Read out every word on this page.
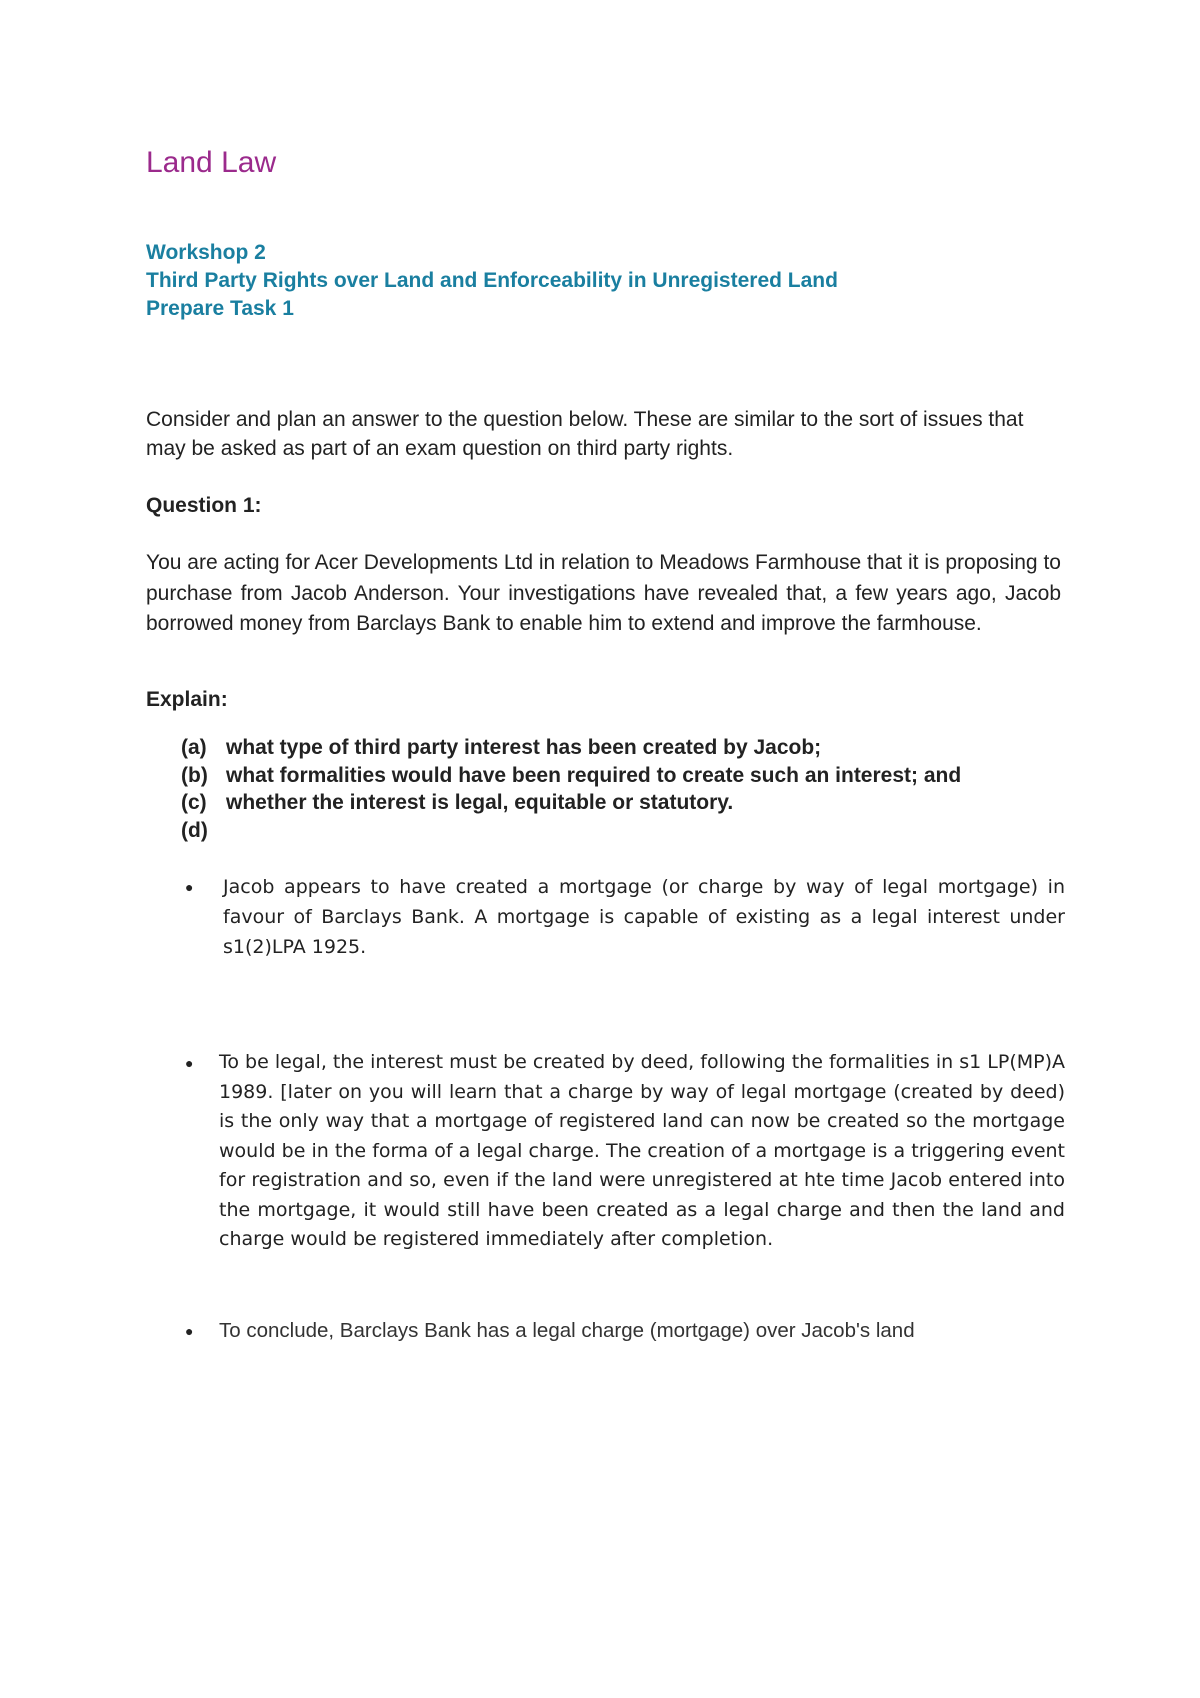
Land Law
Workshop 2
Third Party Rights over Land and Enforceability in Unregistered Land
Prepare Task 1

Consider and plan an answer to the question below. These are similar to the sort of issues that may be asked as part of an exam question on third party rights.

Question 1:

You are acting for Acer Developments Ltd in relation to Meadows Farmhouse that it is proposing to purchase from Jacob Anderson. Your investigations have revealed that, a few years ago, Jacob borrowed money from Barclays Bank to enable him to extend and improve the farmhouse.

Explain:

(a) what type of third party interest has been created by Jacob;
(b) what formalities would have been required to create such an interest; and
(c) whether the interest is legal, equitable or statutory.
(d)
●	Jacob appears to have created a mortgage (or charge by way of legal mortgage) in favour of Barclays Bank. A mortgage is capable of existing as a legal interest under s1(2)LPA 1925.

●	To be legal, the interest must be created by deed, following the formalities in s1 LP(MP)A 1989. [later on you will learn that a charge by way of legal mortgage (created by deed) is the only way that a mortgage of registered land can now be created so the mortgage would be in the forma of a legal charge. The creation of a mortgage is a triggering event for registration and so, even if the land were unregistered at hte time Jacob entered into the mortgage, it would still have been created as a legal charge and then the land and charge would be registered immediately after completion.

●	To conclude, Barclays Bank has a legal charge (mortgage) over Jacob's land
